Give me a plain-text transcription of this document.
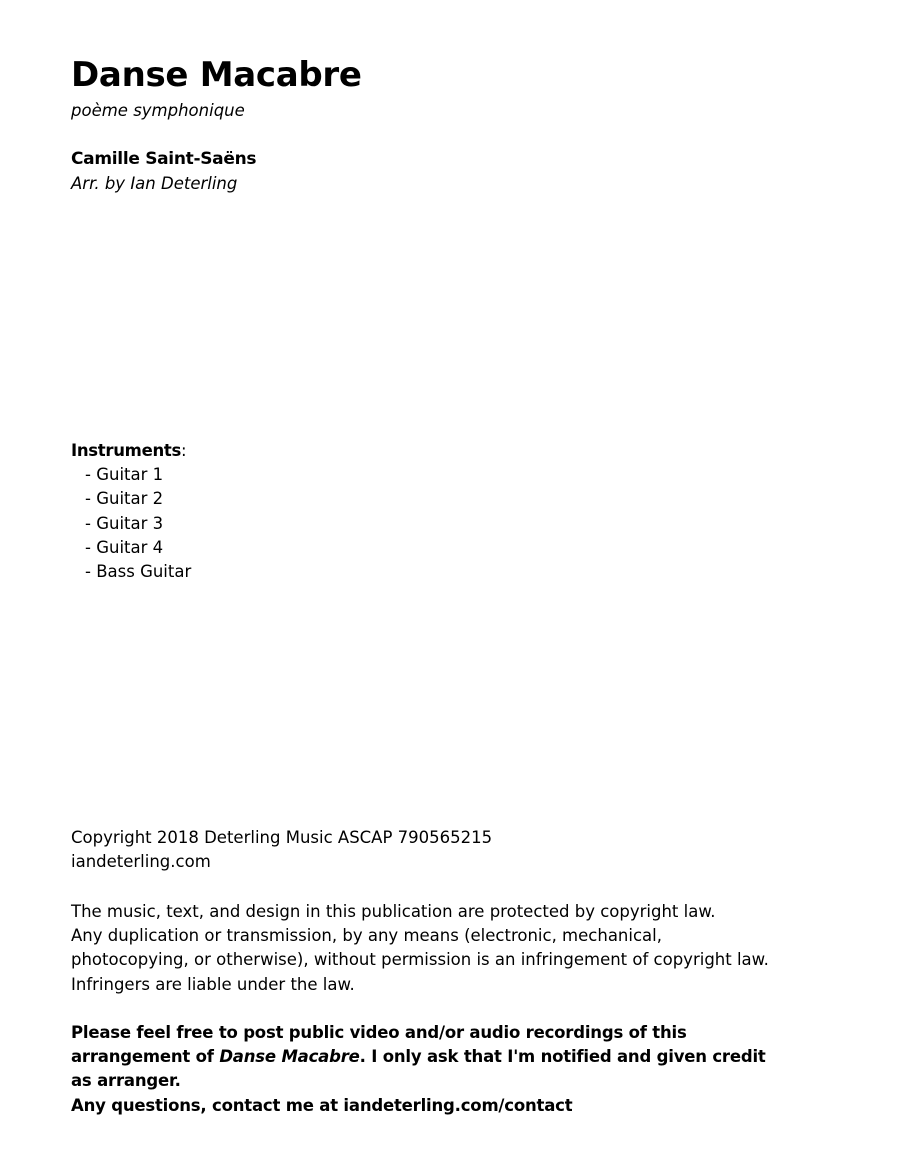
Danse Macabre
poème symphonique
Camille Saint-Saëns
Arr. by Ian Deterling
Instruments:
- Guitar 1
- Guitar 2
- Guitar 3
- Guitar 4
- Bass Guitar
Copyright 2018 Deterling Music ASCAP 790565215
iandeterling.com

The music, text, and design in this publication are protected by copyright law.

Any duplication or transmission, by any means (electronic, mechanical,

photocopying, or otherwise), without permission is an infringement of copyright law.

Infringers are liable under the law.

Please feel free to post public video and/or audio recordings of this arrangement of Danse Macabre. I only ask that I'm notified and given credit as arranger.

Any questions, contact me at iandeterling.com/contact
